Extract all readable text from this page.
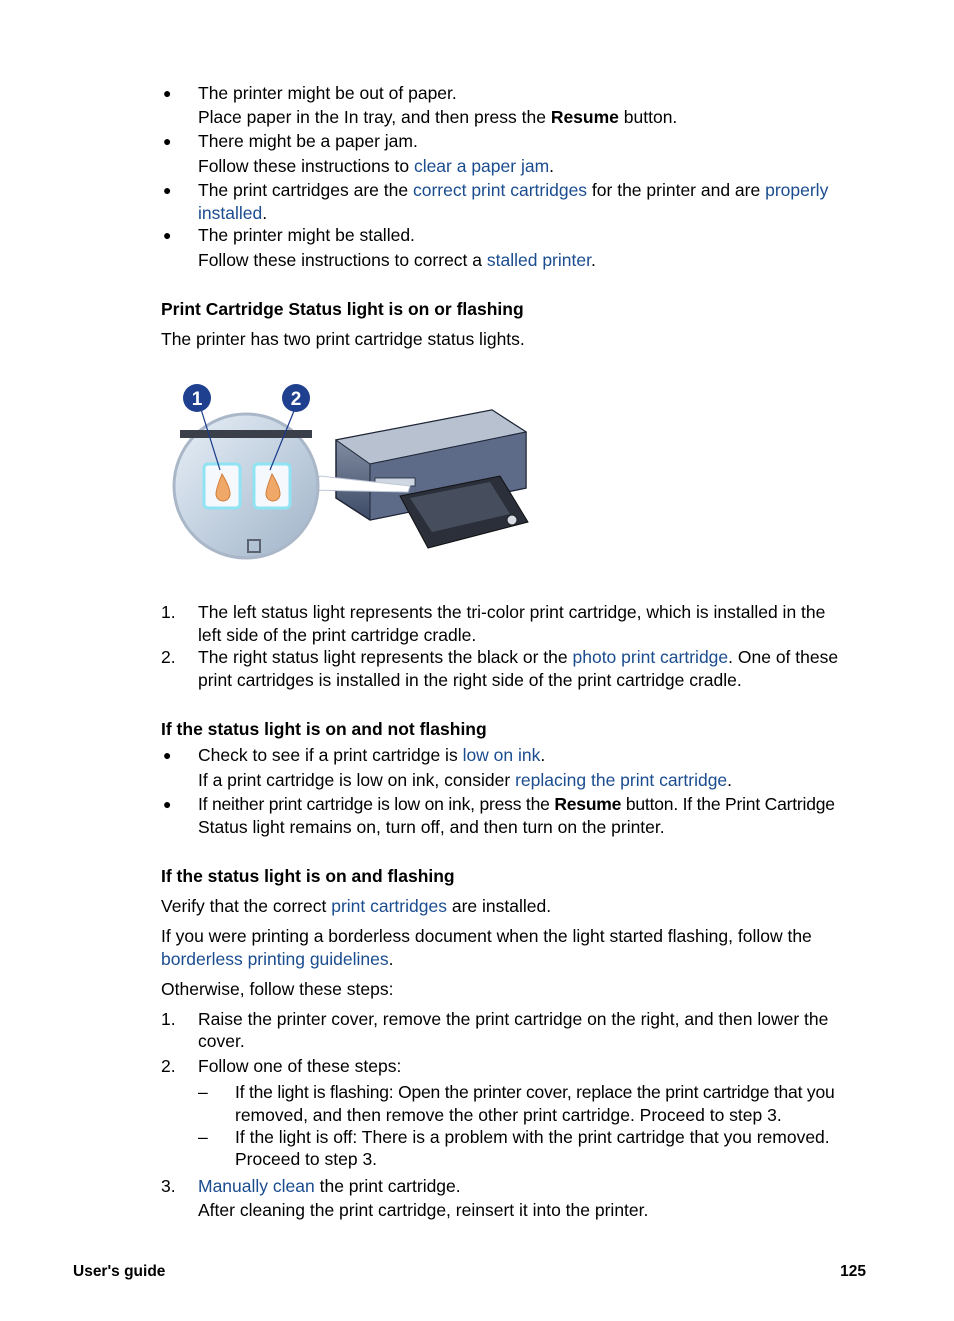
● The printer might be out of paper.
Place paper in the In tray, and then press the Resume button.
● There might be a paper jam.
Follow these instructions to clear a paper jam.
● The print cartridges are the correct print cartridges for the printer and are properly
installed.
● The printer might be stalled.
Follow these instructions to correct a stalled printer.
Print Cartridge Status light is on or flashing
The printer has two print cartridge status lights.
1	2
1. The left status light represents the tri-color print cartridge, which is installed in the
left side of the print cartridge cradle.
2. The right status light represents the black or the photo print cartridge. One of these
print cartridges is installed in the right side of the print cartridge cradle.
If the status light is on and not flashing
● Check to see if a print cartridge is low on ink.
If a print cartridge is low on ink, consider replacing the print cartridge.
● If neither print cartridge is low on ink, press the Resume button. If the Print Cartridge
Status light remains on, turn off, and then turn on the printer.
If the status light is on and flashing
Verify that the correct print cartridges are installed.
If you were printing a borderless document when the light started flashing, follow the
borderless printing guidelines.
Otherwise, follow these steps:
1. Raise the printer cover, remove the print cartridge on the right, and then lower the
cover.
2. Follow one of these steps:
– If the light is flashing: Open the printer cover, replace the print cartridge that you
removed, and then remove the other print cartridge. Proceed to step 3.
– If the light is off: There is a problem with the print cartridge that you removed.
Proceed to step 3.
3. Manually clean the print cartridge.
After cleaning the print cartridge, reinsert it into the printer.
User's guide	125
